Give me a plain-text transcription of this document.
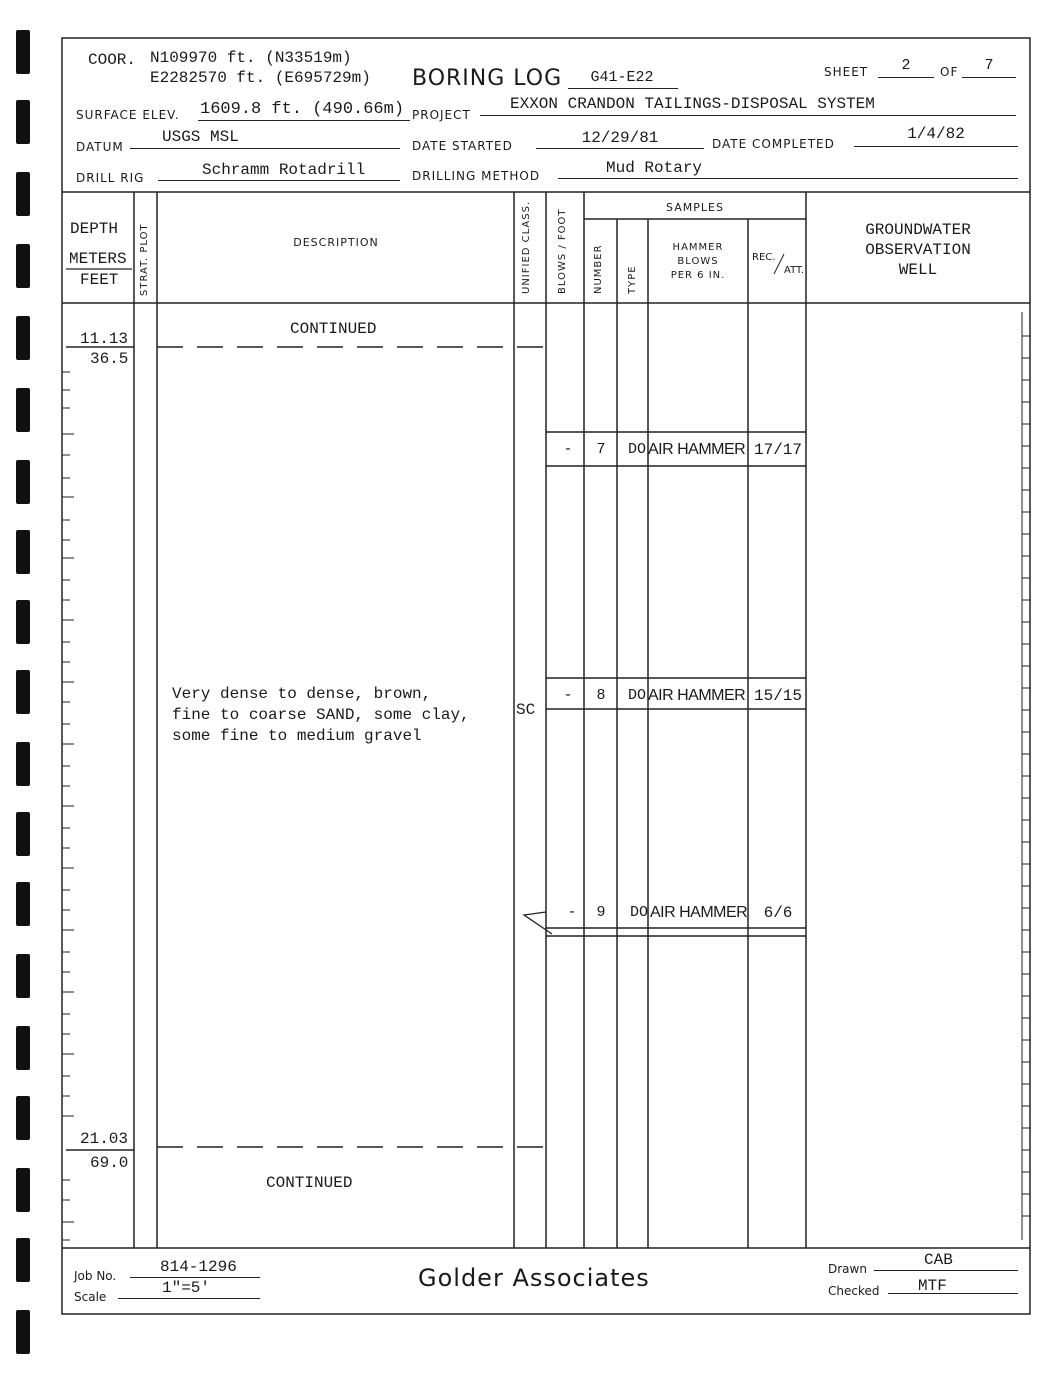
COOR. N109970 ft. (N33519m)
E2282570 ft. (E695729m) BORING LOG	G41-E22	SHEET	2	OF	7
SURFACE ELEV. 1609.8 ft. (490.66m) PROJECT
EXXON CRANDON TAILINGS-DISPOSAL SYSTEM
DATUM
USGS MSL	DATE STARTED	12/29/81	DATE COMPLETED
1/4/82
DRILL RIG	Schramm Rotadrill	DRILLING METHOD	Mud Rotary
DEPTH
METERS
FEET STRAT. PLOT	DESCRIPTION	UNIFIED CLASS.	BLOWS / FOOT
SAMPLES
NUMBER TYPE
HAMMER
BLOWS
PER 6 IN.
REC.
ATT.
GROUNDWATER
OBSERVATION
WELL
11.13
36.5
CONTINUED
Very dense to dense, brown,
fine to coarse SAND, some clay,
some fine to medium gravel
SC
-	7	DO AIR HAMMER 17/17
-	8	DO AIR HAMMER 15/15
-	9	DO AIR HAMMER	6/6
21.03
69.0
CONTINUED
Job No.	814-1296
Scale	1"=5'	Golder Associates	Drawn	CAB
Checked MTF
